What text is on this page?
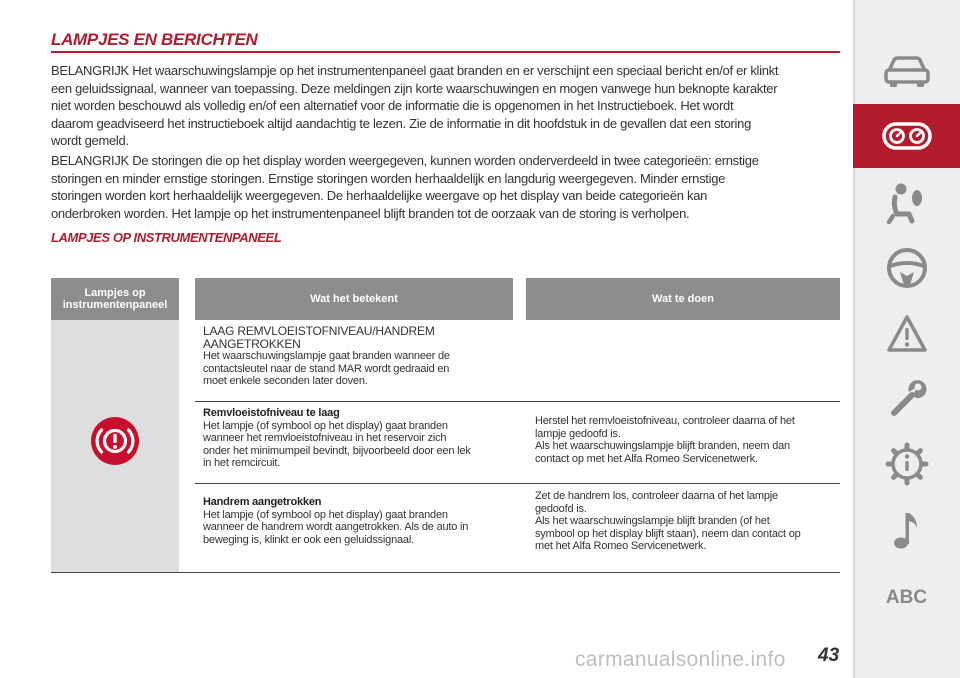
LAMPJES EN BERICHTEN
BELANGRIJK Het waarschuwingslampje op het instrumentenpaneel gaat branden en er verschijnt een speciaal bericht en/of er klinkt
een geluidssignaal, wanneer van toepassing. Deze meldingen zijn korte waarschuwingen en mogen vanwege hun beknopte karakter
niet worden beschouwd als volledig en/of een alternatief voor de informatie die is opgenomen in het Instructieboek. Het wordt
daarom geadviseerd het instructieboek altijd aandachtig te lezen. Zie de informatie in dit hoofdstuk in de gevallen dat een storing
wordt gemeld.
BELANGRIJK De storingen die op het display worden weergegeven, kunnen worden onderverdeeld in twee categorieën: ernstige
storingen en minder ernstige storingen. Ernstige storingen worden herhaaldelijk en langdurig weergegeven. Minder ernstige
storingen worden kort herhaaldelijk weergegeven. De herhaaldelijke weergave op het display van beide categorieën kan
onderbroken worden. Het lampje op het instrumentenpaneel blijft branden tot de oorzaak van de storing is verholpen.
LAMPJES OP INSTRUMENTENPANEEL
Lampjes op instrumentenpaneel	Wat het betekent	Wat te doen
LAAG REMVLOEISTOFNIVEAU/HANDREM
AANGETROKKEN
Het waarschuwingslampje gaat branden wanneer de
contactsleutel naar de stand MAR wordt gedraaid en
moet enkele seconden later doven.
Remvloeistofniveau te laag
Het lampje (of symbool op het display) gaat branden
wanneer het remvloeistofniveau in het reservoir zich
onder het minimumpeil bevindt, bijvoorbeeld door een lek
in het remcircuit.
Herstel het remvloeistofniveau, controleer daarna of het
lampje gedoofd is.
Als het waarschuwingslampje blijft branden, neem dan
contact op met het Alfa Romeo Servicenetwerk.
Handrem aangetrokken
Het lampje (of symbool op het display) gaat branden
wanneer de handrem wordt aangetrokken. Als de auto in
beweging is, klinkt er ook een geluidssignaal.
Zet de handrem los, controleer daarna of het lampje
gedoofd is.
Als het waarschuwingslampje blijft branden (of het
symbool op het display blijft staan), neem dan contact op
met het Alfa Romeo Servicenetwerk.
ABC
carmanualsonline.info 43
